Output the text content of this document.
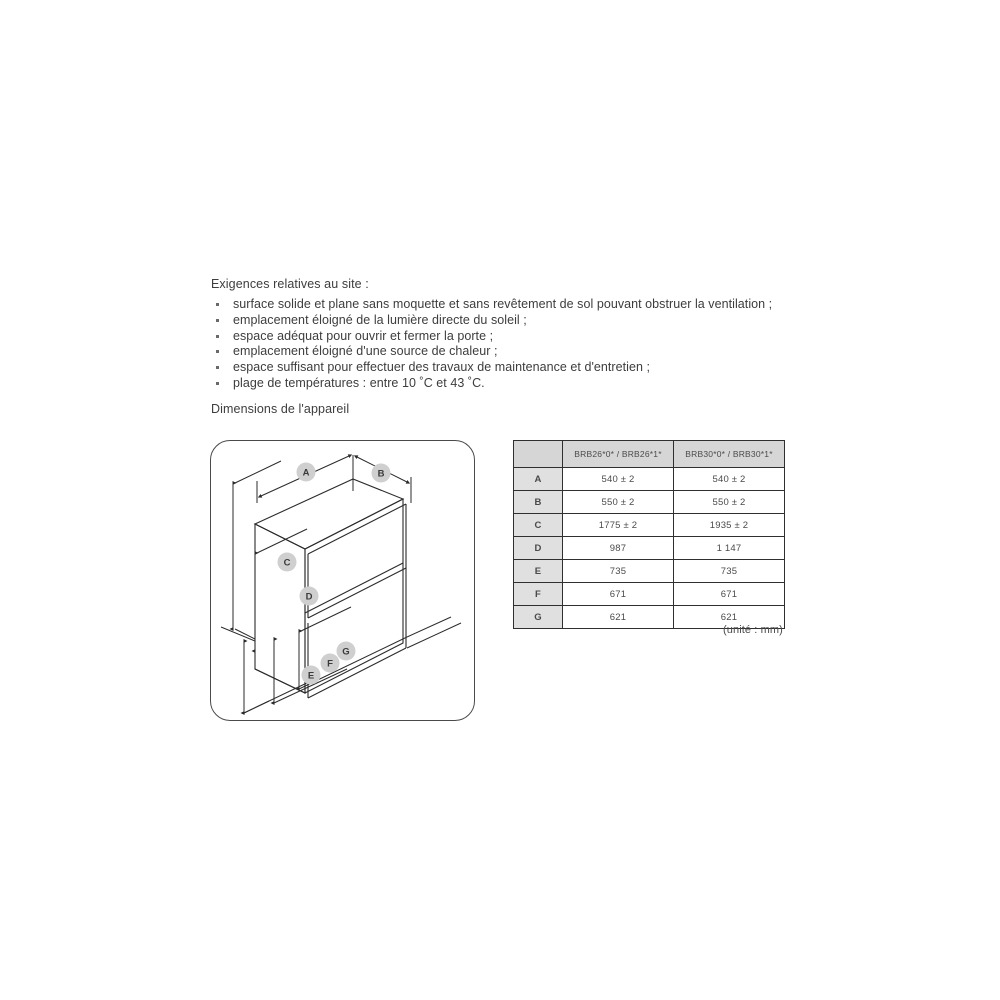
Exigences relatives au site :
surface solide et plane sans moquette et sans revêtement de sol pouvant obstruer la ventilation ;
emplacement éloigné de la lumière directe du soleil ;
espace adéquat pour ouvrir et fermer la porte ;
emplacement éloigné d'une source de chaleur ;
espace suffisant pour effectuer des travaux de maintenance et d'entretien ;
plage de températures : entre 10 ˚C et 43 ˚C.
Dimensions de l'appareil
A	B
C
D
E
F
G
	BRB26*0* / BRB26*1*	BRB30*0* / BRB30*1*
A	540 ± 2	540 ± 2
B	550 ± 2	550 ± 2
C	1775 ± 2	1935 ± 2
D	987	1 147
E	735	735
F	671	671
G	621	621
(unité : mm)
